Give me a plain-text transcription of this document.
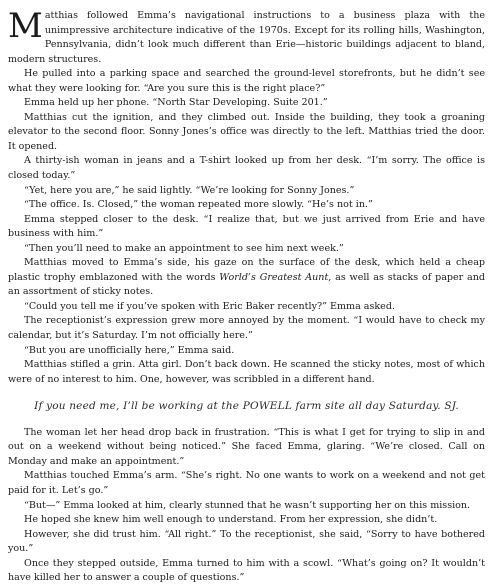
Matthias followed Emma’s navigational instructions to a business plaza with the unimpressive architecture indicative of the 1970s. Except for its rolling hills, Washington, Pennsylvania, didn’t look much different than Erie—historic buildings adjacent to bland, modern structures.

He pulled into a parking space and searched the ground-level storefronts, but he didn’t see what they were looking for. “Are you sure this is the right place?”

Emma held up her phone. “North Star Developing. Suite 201.”

Matthias cut the ignition, and they climbed out. Inside the building, they took a groaning elevator to the second floor. Sonny Jones’s office was directly to the left. Matthias tried the door. It opened.

A thirty-ish woman in jeans and a T-shirt looked up from her desk. “I’m sorry. The office is closed today.”

“Yet, here you are,” he said lightly. “We’re looking for Sonny Jones.”

“The office. Is. Closed,” the woman repeated more slowly. “He’s not in.”

Emma stepped closer to the desk. “I realize that, but we just arrived from Erie and have business with him.”

“Then you’ll need to make an appointment to see him next week.”

Matthias moved to Emma’s side, his gaze on the surface of the desk, which held a cheap plastic trophy emblazoned with the words World’s Greatest Aunt, as well as stacks of paper and an assortment of sticky notes.

“Could you tell me if you’ve spoken with Eric Baker recently?” Emma asked.

The receptionist’s expression grew more annoyed by the moment. “I would have to check my calendar, but it’s Saturday. I’m not officially here.”

“But you are unofficially here,” Emma said.

Matthias stifled a grin. Atta girl. Don’t back down. He scanned the sticky notes, most of which were of no interest to him. One, however, was scribbled in a different hand.

If you need me, I’ll be working at the POWELL farm site all day Saturday. SJ.

The woman let her head drop back in frustration. “This is what I get for trying to slip in and out on a weekend without being noticed.” She faced Emma, glaring. “We’re closed. Call on Monday and make an appointment.”

Matthias touched Emma’s arm. “She’s right. No one wants to work on a weekend and not get paid for it. Let’s go.”

“But—” Emma looked at him, clearly stunned that he wasn’t supporting her on this mission.

He hoped she knew him well enough to understand. From her expression, she didn’t.

However, she did trust him. “All right.” To the receptionist, she said, “Sorry to have bothered you.”

Once they stepped outside, Emma turned to him with a scowl. “What’s going on? It wouldn’t have killed her to answer a couple of questions.”
